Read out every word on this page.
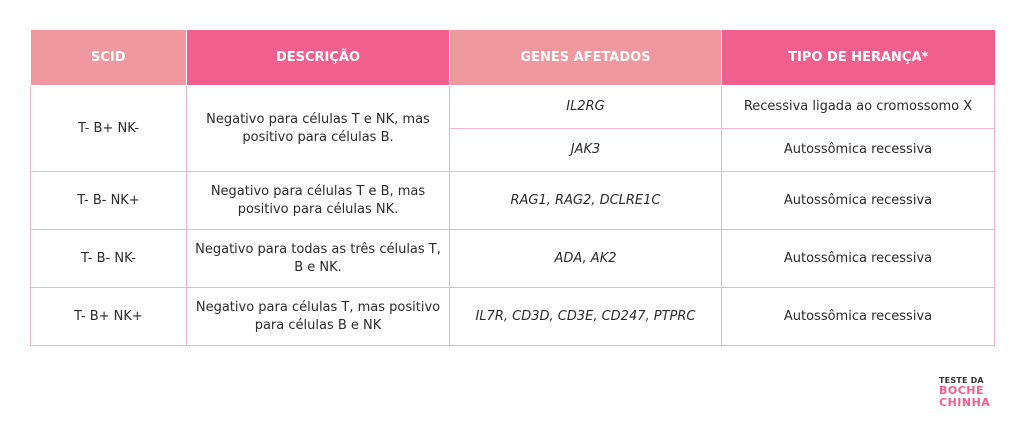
SCID	DESCRIÇÃO	GENES AFETADOS	TIPO DE HERANÇA*
T- B+ NK-	Negativo para células T e NK, mas positivo para células B.	IL2RG	Recessiva ligada ao cromossomo X
		JAK3	Autossômica recessiva
T- B- NK+	Negativo para células T e B, mas positivo para células NK.	RAG1, RAG2, DCLRE1C	Autossômica recessiva
T- B- NK-	Negativo para todas as três células T, B e NK.	ADA, AK2	Autossômica recessiva
T- B+ NK+	Negativo para células T, mas positivo para células B e NK	IL7R, CD3D, CD3E, CD247, PTPRC	Autossômica recessiva
TESTE DA
BOCHE
CHINHA
